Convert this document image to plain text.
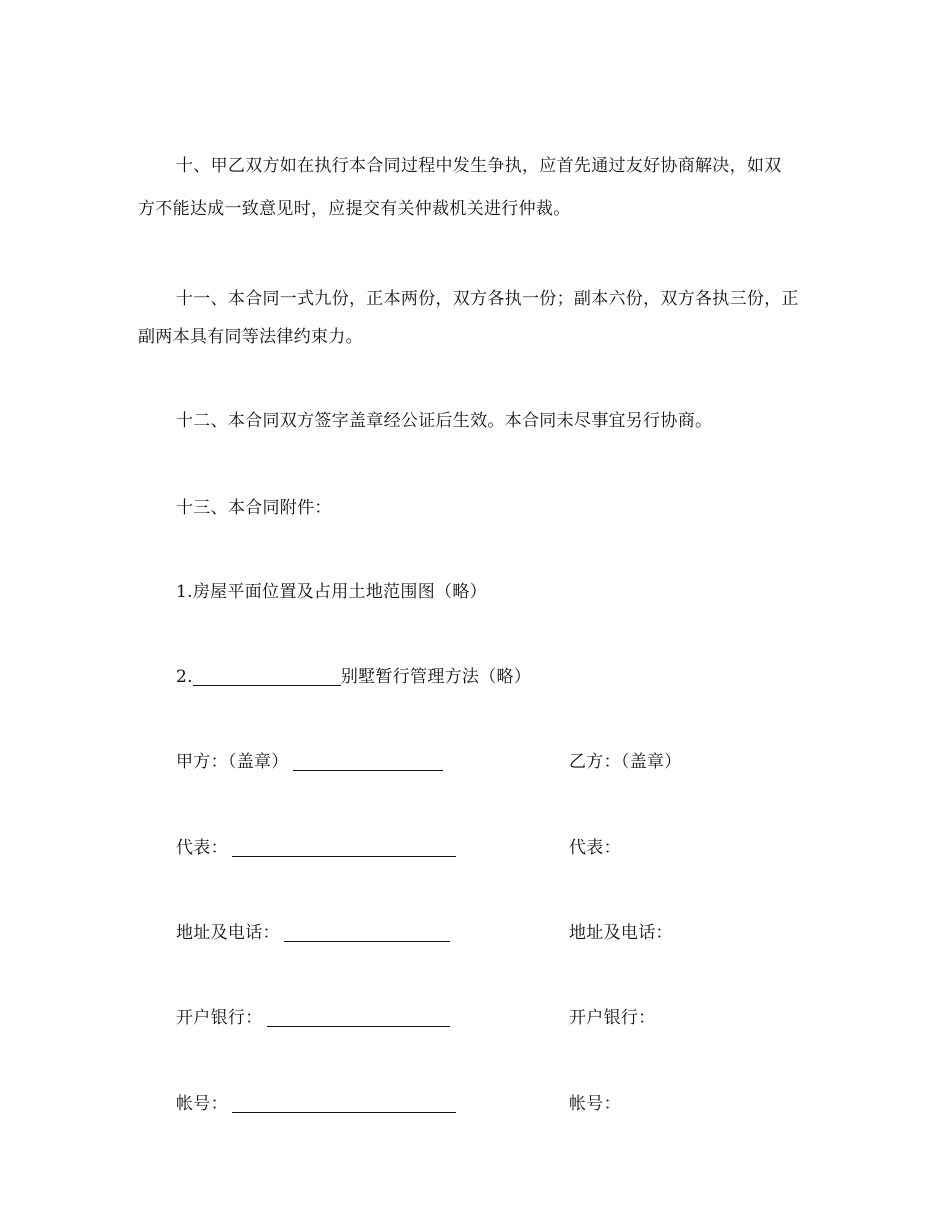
十、甲乙双方如在执行本合同过程中发生争执，应首先通过友好协商解决，如双
方不能达成一致意见时，应提交有关仲裁机关进行仲裁。
十一、本合同一式九份，正本两份，双方各执一份；副本六份，双方各执三份，正
副两本具有同等法律约束力。
十二、本合同双方签字盖章经公证后生效。本合同未尽事宜另行协商。
十三、本合同附件：
1.房屋平面位置及占用土地范围图（略）
2.	别墅暂行管理方法（略）
甲方：（盖章）
代表：
地址及电话：
开户银行：
帐号：
乙方：（盖章）
代表：
地址及电话：
开户银行：
帐号：
